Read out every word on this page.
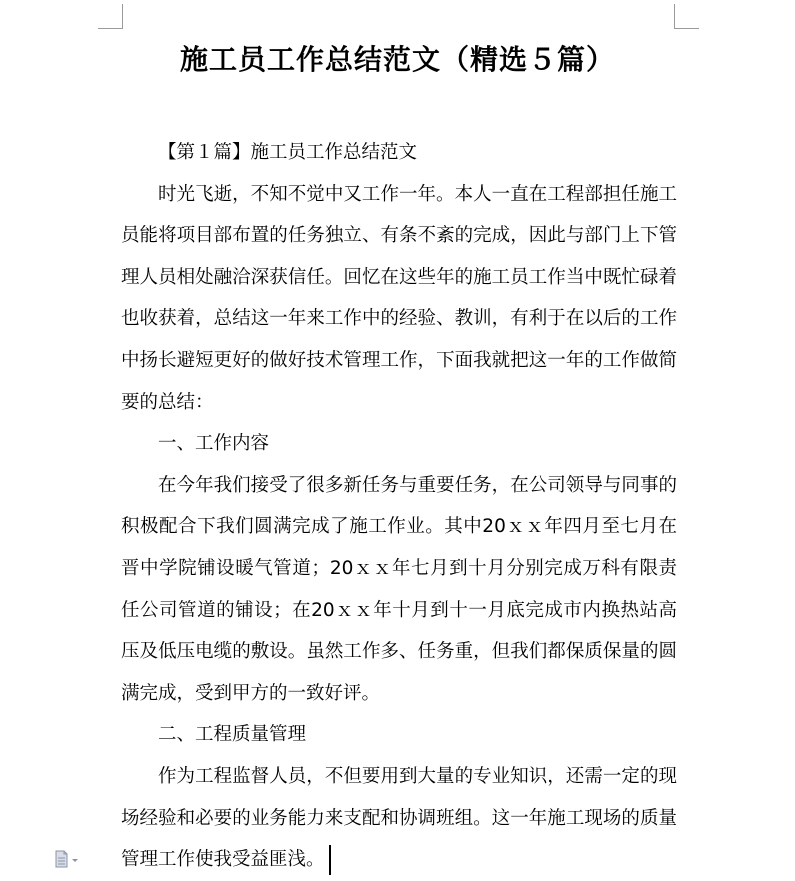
施工员工作总结范文（精选５篇）

【第１篇】施工员工作总结范文

时光飞逝，不知不觉中又工作一年。本人一直在工程部担任施工员能将项目部布置的任务独立、有条不紊的完成，因此与部门上下管理人员相处融洽深获信任。回忆在这些年的施工员工作当中既忙碌着也收获着，总结这一年来工作中的经验、教训，有利于在以后的工作中扬长避短更好的做好技术管理工作，下面我就把这一年的工作做简要的总结：

一、工作内容

在今年我们接受了很多新任务与重要任务，在公司领导与同事的积极配合下我们圆满完成了施工作业。其中20ｘｘ年四月至七月在晋中学院铺设暖气管道；20ｘｘ年七月到十月分别完成万科有限责任公司管道的铺设；在20ｘｘ年十月到十一月底完成市内换热站高压及低压电缆的敷设。虽然工作多、任务重，但我们都保质保量的圆满完成，受到甲方的一致好评。

二、工程质量管理

作为工程监督人员，不但要用到大量的专业知识，还需一定的现场经验和必要的业务能力来支配和协调班组。这一年施工现场的质量管理工作使我受益匪浅。
